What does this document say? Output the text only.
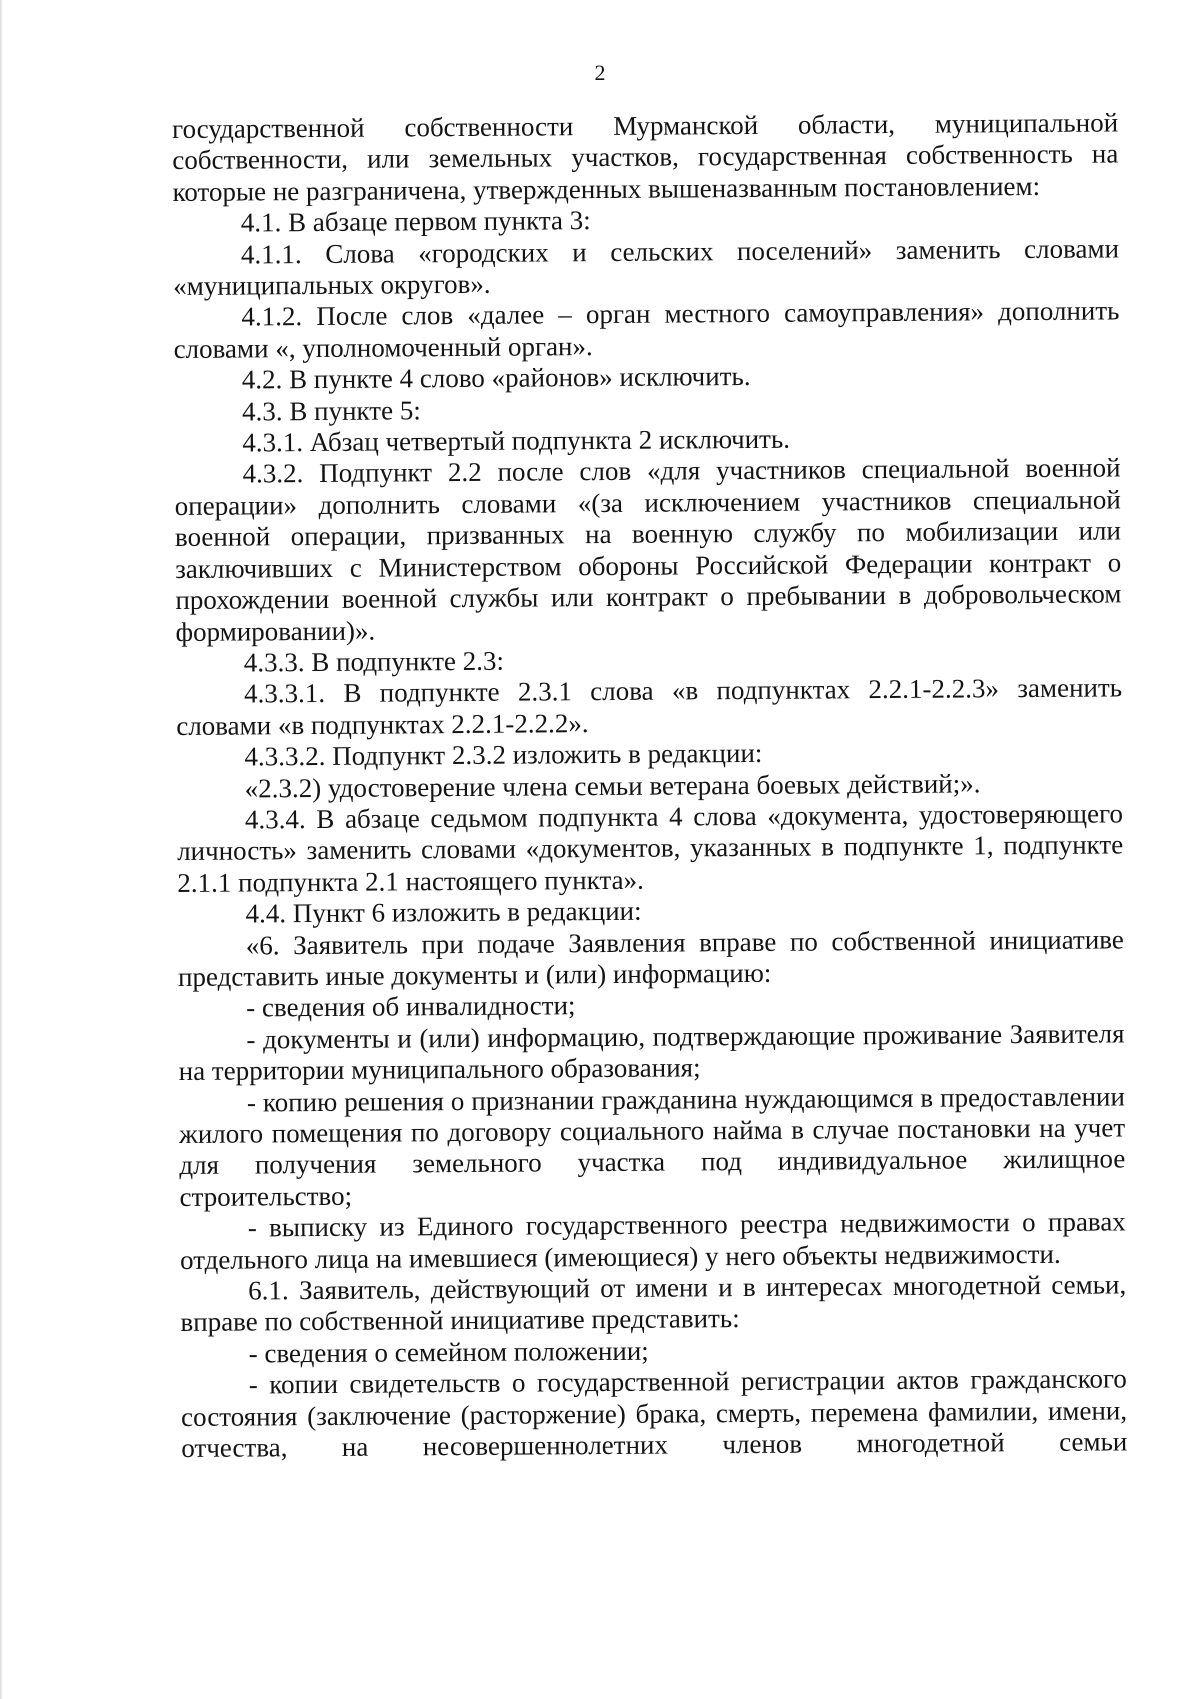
2

государственной собственности Мурманской области, муниципальной собственности, или земельных участков, государственная собственность на которые не разграничена, утвержденных вышеназванным постановлением:

4.1. В абзаце первом пункта 3:

4.1.1. Слова «городских и сельских поселений» заменить словами «муниципальных округов».

4.1.2. После слов «далее – орган местного самоуправления» дополнить словами «, уполномоченный орган».

4.2. В пункте 4 слово «районов» исключить.

4.3. В пункте 5:

4.3.1. Абзац четвертый подпункта 2 исключить.

4.3.2. Подпункт 2.2 после слов «для участников специальной военной операции» дополнить словами «(за исключением участников специальной военной операции, призванных на военную службу по мобилизации или заключивших с Министерством обороны Российской Федерации контракт о прохождении военной службы или контракт о пребывании в добровольческом формировании)».

4.3.3. В подпункте 2.3:

4.3.3.1. В подпункте 2.3.1 слова «в подпунктах 2.2.1-2.2.3» заменить словами «в подпунктах 2.2.1-2.2.2».

4.3.3.2. Подпункт 2.3.2 изложить в редакции:

«2.3.2) удостоверение члена семьи ветерана боевых действий;».

4.3.4. В абзаце седьмом подпункта 4 слова «документа, удостоверяющего личность» заменить словами «документов, указанных в подпункте 1, подпункте 2.1.1 подпункта 2.1 настоящего пункта».

4.4. Пункт 6 изложить в редакции:

«6. Заявитель при подаче Заявления вправе по собственной инициативе представить иные документы и (или) информацию:

- сведения об инвалидности;

- документы и (или) информацию, подтверждающие проживание Заявителя на территории муниципального образования;

- копию решения о признании гражданина нуждающимся в предоставлении жилого помещения по договору социального найма в случае постановки на учет для получения земельного участка под индивидуальное жилищное строительство;

- выписку из Единого государственного реестра недвижимости о правах отдельного лица на имевшиеся (имеющиеся) у него объекты недвижимости.

6.1. Заявитель, действующий от имени и в интересах многодетной семьи, вправе по собственной инициативе представить:

- сведения о семейном положении;

- копии свидетельств о государственной регистрации актов гражданского состояния (заключение (расторжение) брака, смерть, перемена фамилии, имени, отчества, на несовершеннолетних членов многодетной семьи
